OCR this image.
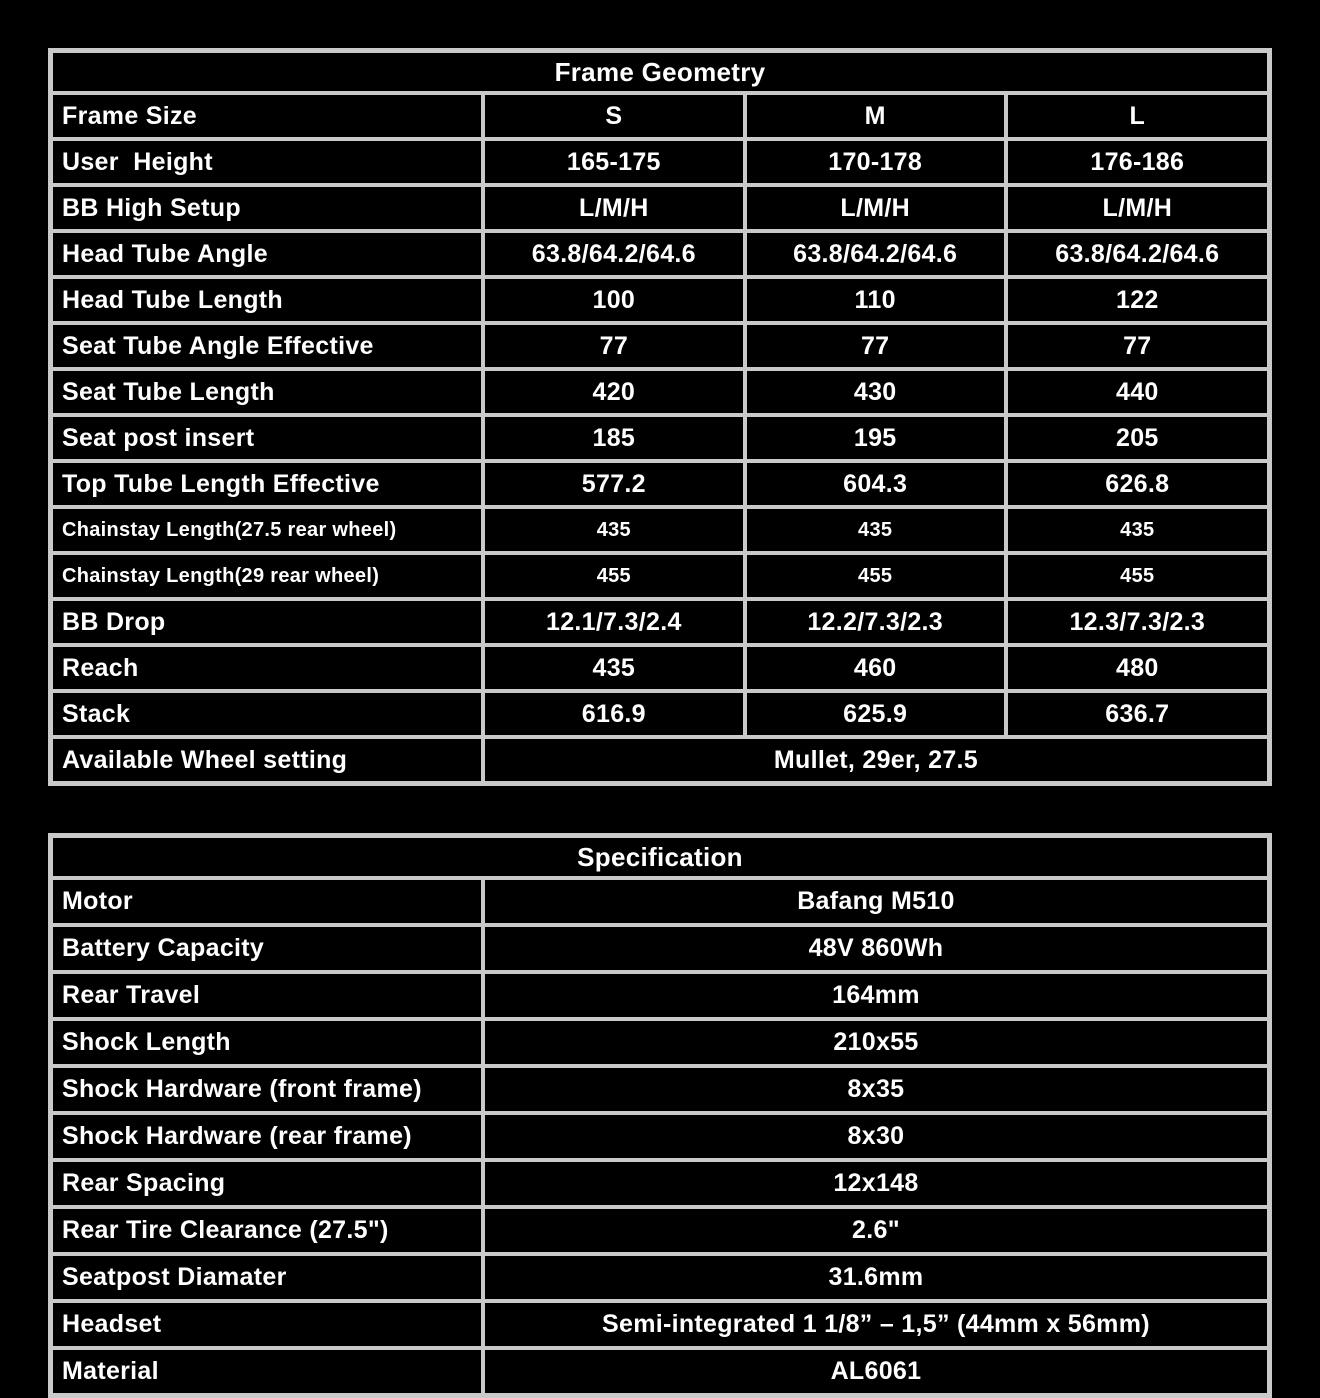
Frame Geometry			
Frame Size	S	M	L
User  Height	165-175	170-178	176-186
BB High Setup	L/M/H	L/M/H	L/M/H
Head Tube Angle	63.8/64.2/64.6	63.8/64.2/64.6	63.8/64.2/64.6
Head Tube Length	100	110	122
Seat Tube Angle Effective	77	77	77
Seat Tube Length	420	430	440
Seat post insert	185	195	205
Top Tube Length Effective	577.2	604.3	626.8
Chainstay Length(27.5 rear wheel)	435	435	435
Chainstay Length(29 rear wheel)	455	455	455
BB Drop	12.1/7.3/2.4	12.2/7.3/2.3	12.3/7.3/2.3
Reach	435	460	480
Stack	616.9	625.9	636.7
Available Wheel setting	Mullet, 29er, 27.5		
Specification	
Motor	Bafang M510
Battery Capacity	48V 860Wh
Rear Travel	164mm
Shock Length	210x55
Shock Hardware (front frame)	8x35
Shock Hardware (rear frame)	8x30
Rear Spacing	12x148
Rear Tire Clearance (27.5")	2.6"
Seatpost Diamater	31.6mm
Headset	Semi-integrated 1 1/8” – 1,5” (44mm x 56mm)
Material	AL6061
